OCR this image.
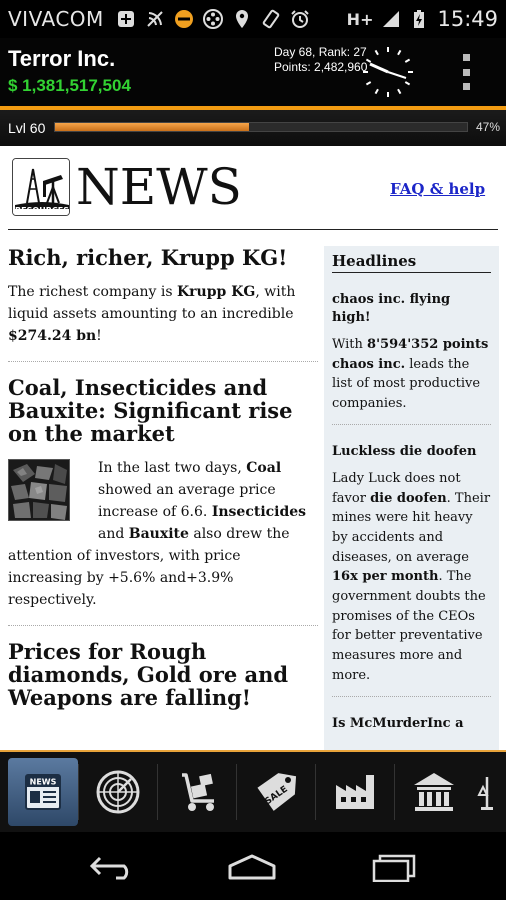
VIVACOM	H+	15:49
Terror Inc.
$ 1,381,517,504
Day 68, Rank: 27
Points: 2,482,960
Lvl 60	47%
RESOURCES NEWS	FAQ & help
Rich, richer, Krupp KG!
The richest company is Krupp KG, with liquid assets amounting to an incredible $274.24 bn!
Coal, Insecticides and Bauxite: Significant rise on the market
In the last two days, Coal showed an average price increase of 6.6. Insecticides and Bauxite also drew the attention of investors, with price increasing by +5.6% and+3.9% respectively.
Prices for Rough diamonds, Gold ore and Weapons are falling!
Headlines
chaos inc. flying high!
With 8'594'352 points chaos inc. leads the list of most productive companies.
Luckless die doofen
Lady Luck does not favor die doofen. Their mines were hit heavy by accidents and diseases, on average 16x per month. The government doubts the promises of the CEOs for better preventative measures more and more.
Is McMurderInc a
NEWS
SALE
